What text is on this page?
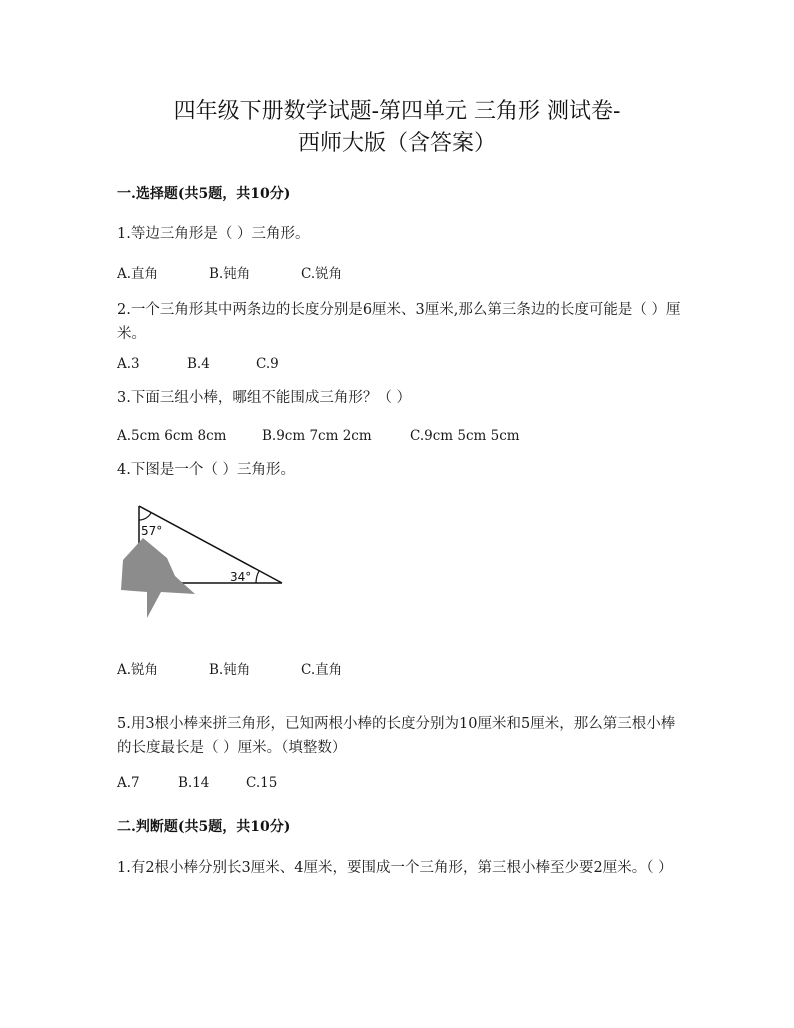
四年级下册数学试题-第四单元 三角形 测试卷-
西师大版（含答案）
一.选择题(共5题，共10分)
1.等边三角形是（ ）三角形。
A.直角	B.钝角	C.锐角
2.一个三角形其中两条边的长度分别是6厘米、3厘米,那么第三条边的长度可能是（ ）厘米。
A.3	B.4	C.9
3.下面三组小棒，哪组不能围成三角形？（ ）
A.5cm 6cm 8cm	B.9cm 7cm 2cm	C.9cm 5cm 5cm
4.下图是一个（ ）三角形。
57°
34°
A.锐角	B.钝角	C.直角
5.用3根小棒来拼三角形，已知两根小棒的长度分别为10厘米和5厘米，那么第三根小棒的长度最长是（ ）厘米。（填整数）
A.7	B.14	C.15
二.判断题(共5题，共10分)
1.有2根小棒分别长3厘米、4厘米，要围成一个三角形，第三根小棒至少要2厘米。（ ）
